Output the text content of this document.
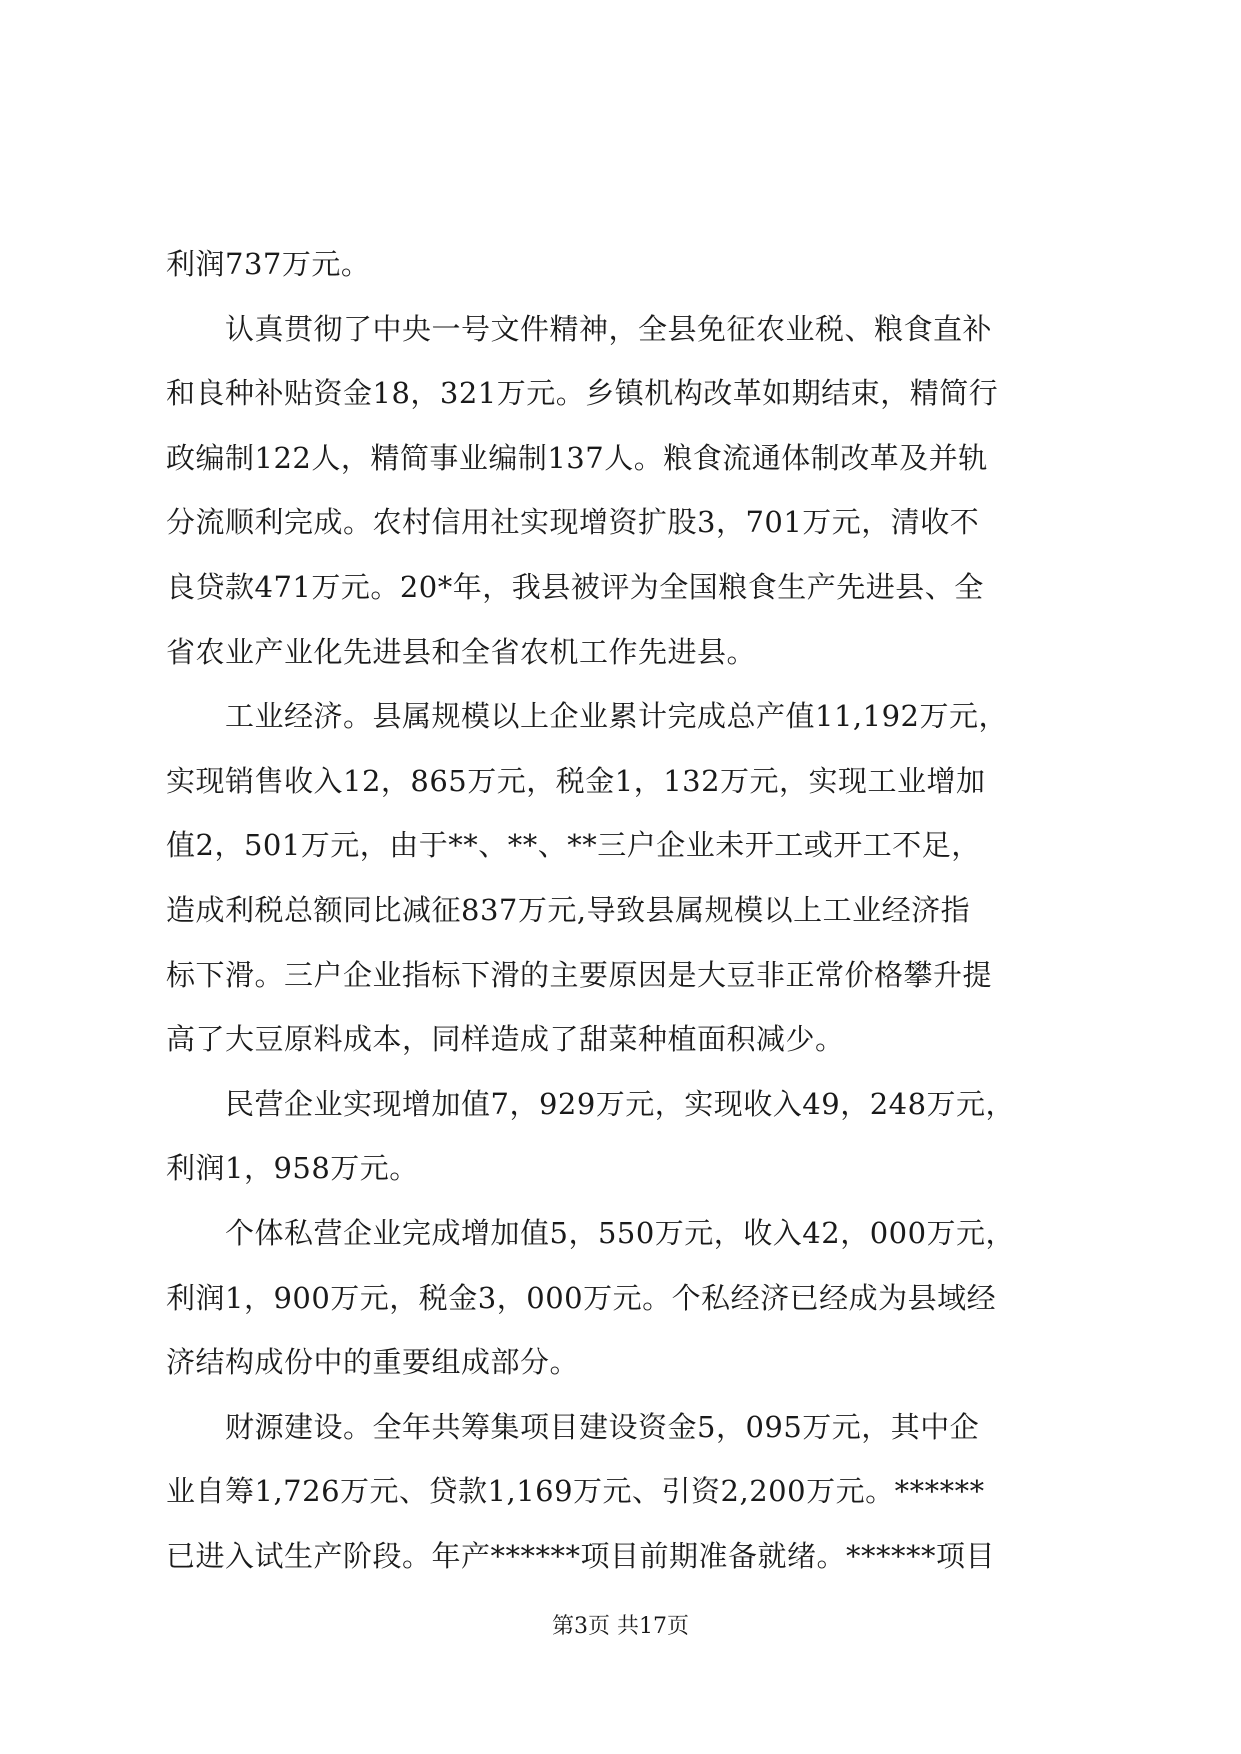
利润737万元。
　　认真贯彻了中央一号文件精神，全县免征农业税、粮食直补
和良种补贴资金18，321万元。乡镇机构改革如期结束，精简行
政编制122人，精简事业编制137人。粮食流通体制改革及并轨
分流顺利完成。农村信用社实现增资扩股3，701万元，清收不
良贷款471万元。20*年，我县被评为全国粮食生产先进县、全
省农业产业化先进县和全省农机工作先进县。
　　工业经济。县属规模以上企业累计完成总产值11,192万元，
实现销售收入12，865万元，税金1，132万元，实现工业增加
值2，501万元，由于**、**、**三户企业未开工或开工不足，
造成利税总额同比减征837万元,导致县属规模以上工业经济指
标下滑。三户企业指标下滑的主要原因是大豆非正常价格攀升提
高了大豆原料成本，同样造成了甜菜种植面积减少。
　　民营企业实现增加值7，929万元，实现收入49，248万元，
利润1，958万元。
　　个体私营企业完成增加值5，550万元，收入42，000万元，
利润1，900万元，税金3，000万元。个私经济已经成为县域经
济结构成份中的重要组成部分。
　　财源建设。全年共筹集项目建设资金5，095万元，其中企
业自筹1,726万元、贷款1,169万元、引资2,200万元。******
已进入试生产阶段。年产******项目前期准备就绪。******项目
第3页 共17页
